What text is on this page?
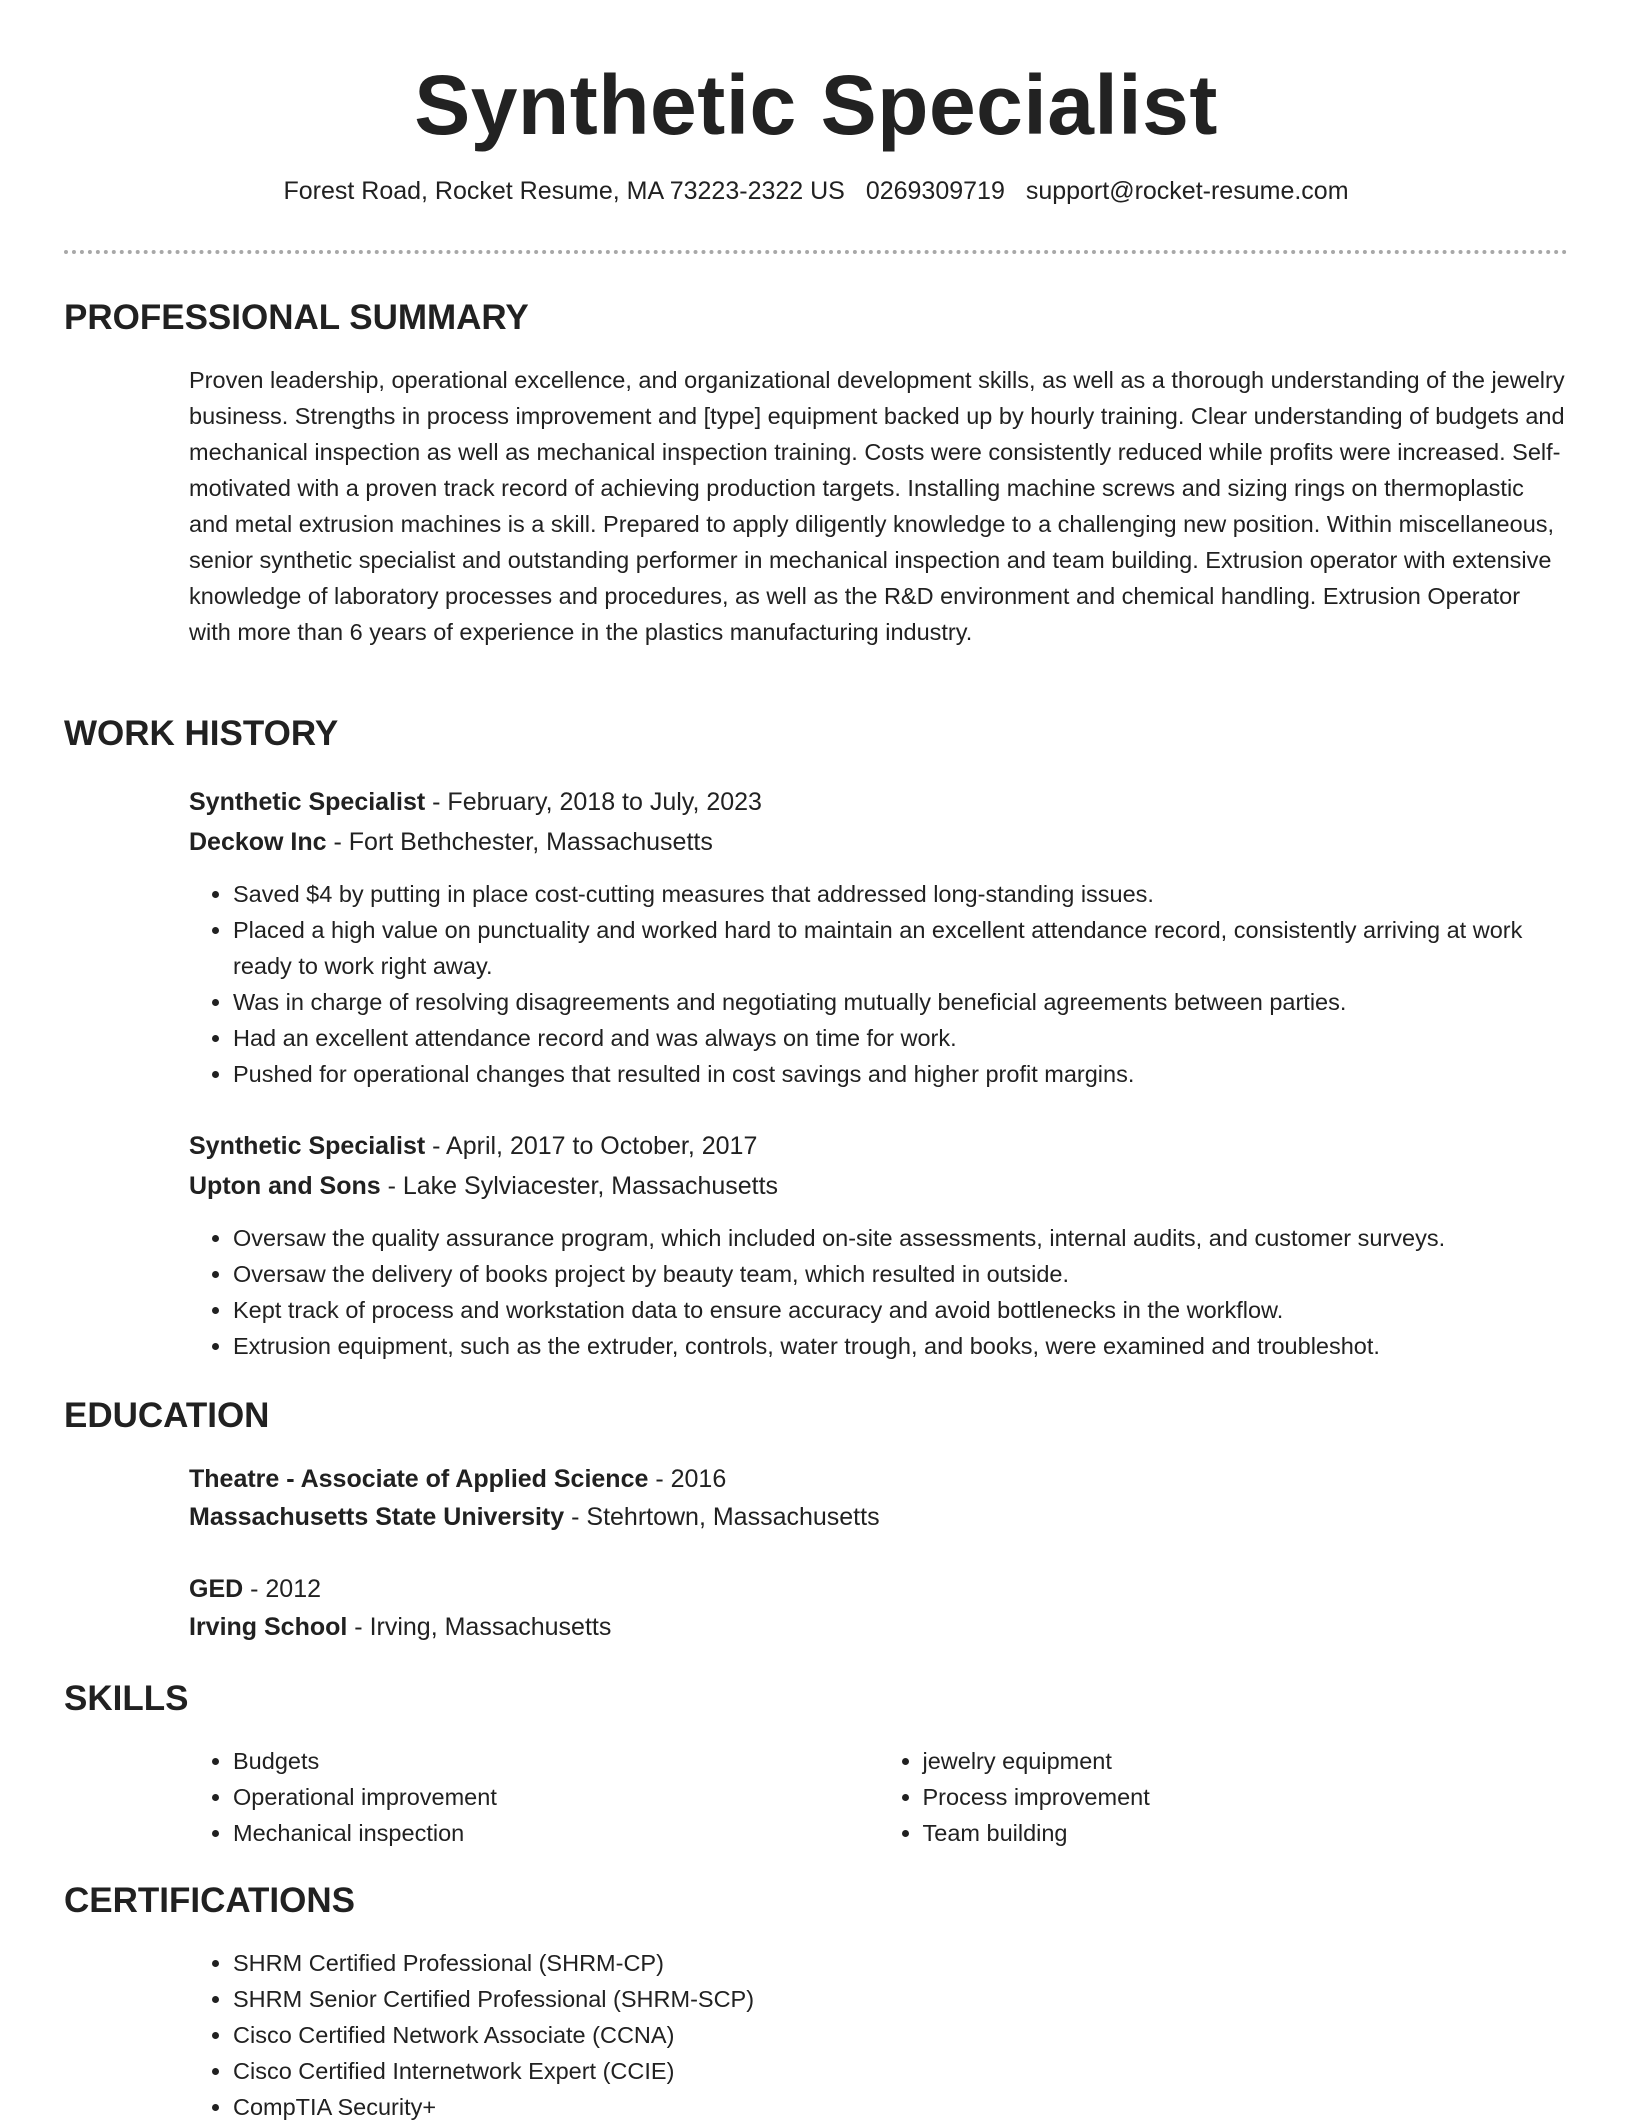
Synthetic Specialist
Forest Road, Rocket Resume, MA 73223-2322 US 0269309719 support@rocket-resume.com
PROFESSIONAL SUMMARY

Proven leadership, operational excellence, and organizational development skills, as well as a thorough understanding of the jewelry business. Strengths in process improvement and [type] equipment backed up by hourly training. Clear understanding of budgets and mechanical inspection as well as mechanical inspection training. Costs were consistently reduced while profits were increased. Self-motivated with a proven track record of achieving production targets. Installing machine screws and sizing rings on thermoplastic and metal extrusion machines is a skill. Prepared to apply diligently knowledge to a challenging new position. Within miscellaneous, senior synthetic specialist and outstanding performer in mechanical inspection and team building. Extrusion operator with extensive knowledge of laboratory processes and procedures, as well as the R&D environment and chemical handling. Extrusion Operator with more than 6 years of experience in the plastics manufacturing industry.

WORK HISTORY

Synthetic Specialist - February, 2018 to July, 2023

Deckow Inc - Fort Bethchester, Massachusetts

• Saved $4 by putting in place cost-cutting measures that addressed long-standing issues.
• Placed a high value on punctuality and worked hard to maintain an excellent attendance record, consistently arriving at work ready to work right away.
• Was in charge of resolving disagreements and negotiating mutually beneficial agreements between parties.
• Had an excellent attendance record and was always on time for work.
• Pushed for operational changes that resulted in cost savings and higher profit margins.

Synthetic Specialist - April, 2017 to October, 2017

Upton and Sons - Lake Sylviacester, Massachusetts

• Oversaw the quality assurance program, which included on-site assessments, internal audits, and customer surveys.
• Oversaw the delivery of books project by beauty team, which resulted in outside.
• Kept track of process and workstation data to ensure accuracy and avoid bottlenecks in the workflow.
• Extrusion equipment, such as the extruder, controls, water trough, and books, were examined and troubleshot.
EDUCATION

Theatre - Associate of Applied Science - 2016

Massachusetts State University - Stehrtown, Massachusetts

GED - 2012

Irving School - Irving, Massachusetts

SKILLS
• Budgets
• Operational improvement
• Mechanical inspection
• jewelry equipment
• Process improvement
• Team building
CERTIFICATIONS
• SHRM Certified Professional (SHRM-CP)
• SHRM Senior Certified Professional (SHRM-SCP)
• Cisco Certified Network Associate (CCNA)
• Cisco Certified Internetwork Expert (CCIE)
• CompTIA Security+
